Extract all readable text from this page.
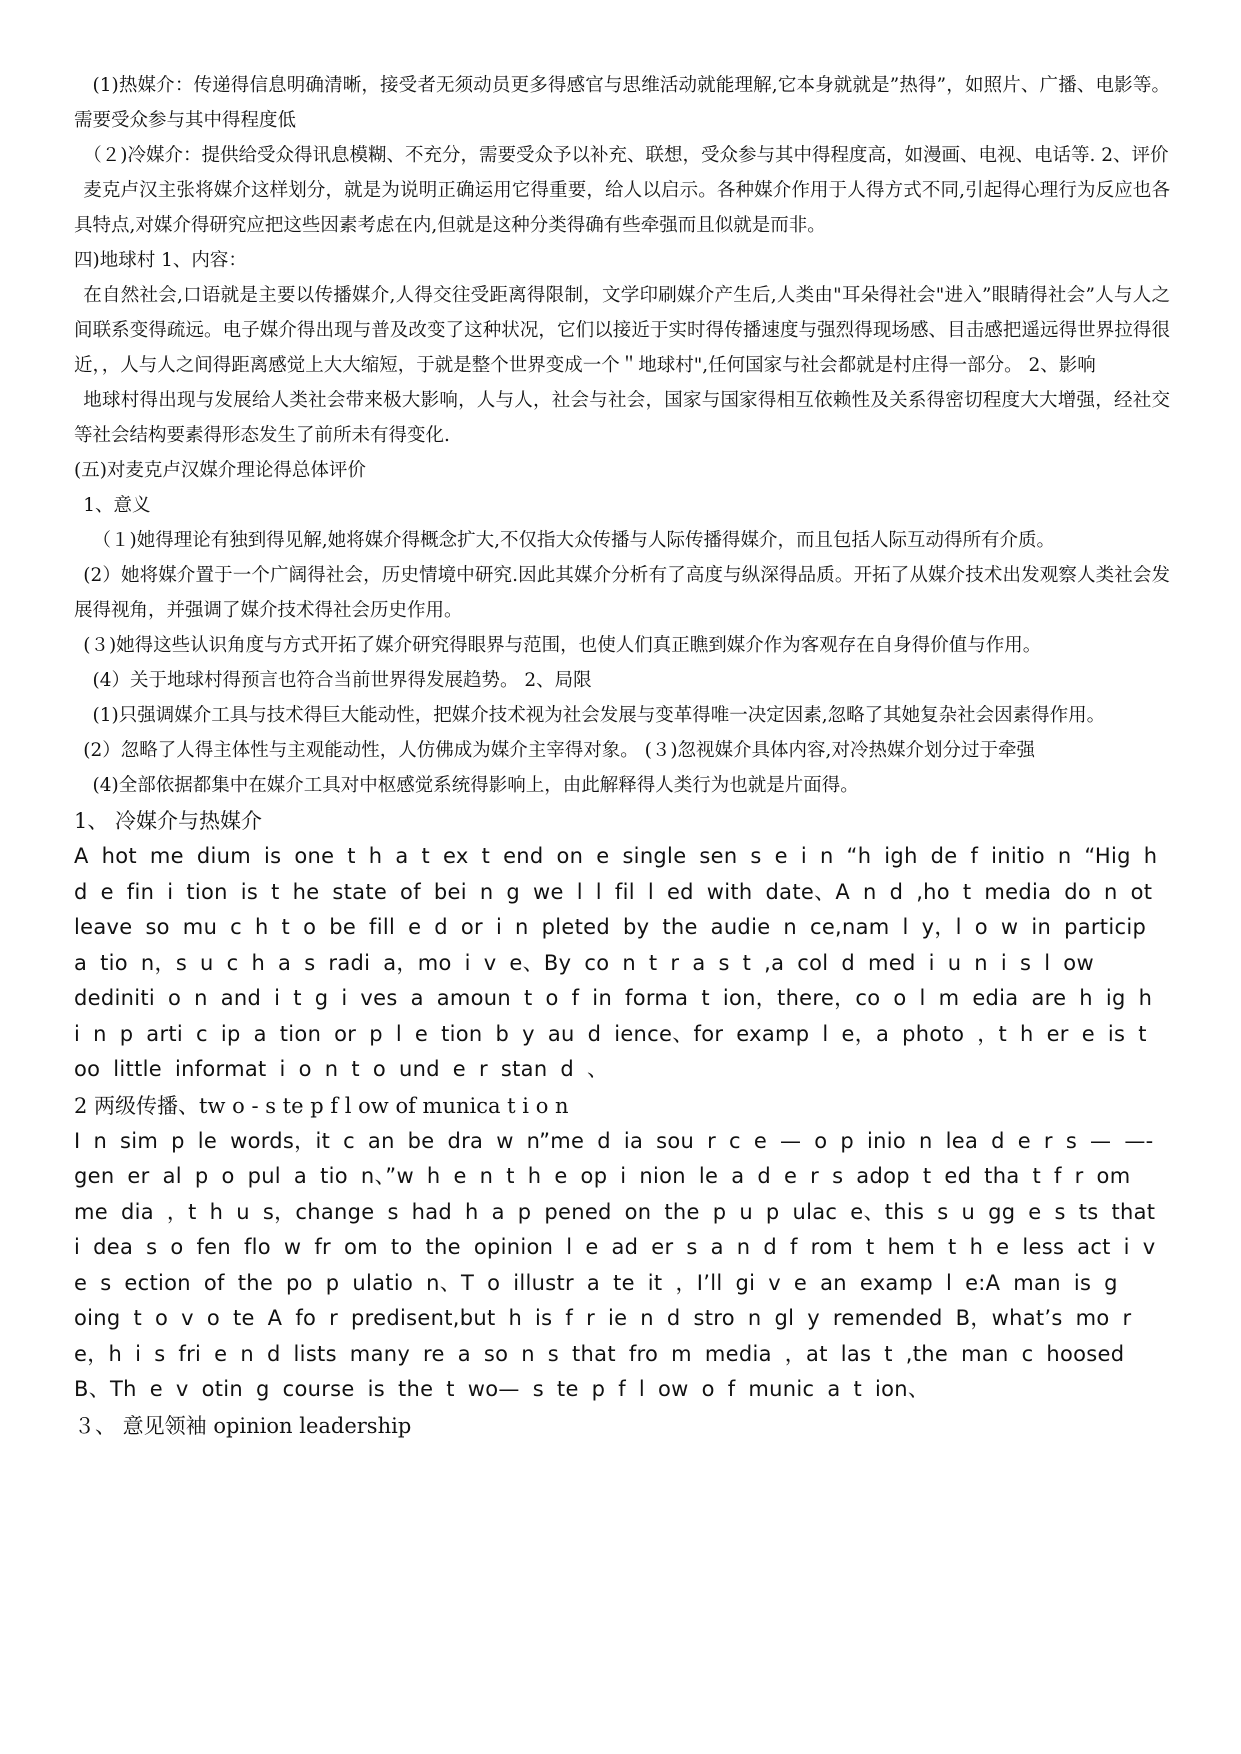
(1)热媒介：传递得信息明确清晰，接受者无须动员更多得感官与思维活动就能理解,它本身就就是”热得”，如照片、广播、电影等。需要受众参与其中得程度低

（２)冷媒介：提供给受众得讯息模糊、不充分，需要受众予以补充、联想，受众参与其中得程度高，如漫画、电视、电话等. 2、评价

麦克卢汉主张将媒介这样划分，就是为说明正确运用它得重要，给人以启示。各种媒介作用于人得方式不同,引起得心理行为反应也各具特点,对媒介得研究应把这些因素考虑在内,但就是这种分类得确有些牵强而且似就是而非。

四)地球村 1、内容：

在自然社会,口语就是主要以传播媒介,人得交往受距离得限制，文学印刷媒介产生后,人类由"耳朵得社会"进入”眼睛得社会”人与人之间联系变得疏远。电子媒介得出现与普及改变了这种状况，它们以接近于实时得传播速度与强烈得现场感、目击感把遥远得世界拉得很近，，人与人之间得距离感觉上大大缩短，于就是整个世界变成一个＂地球村",任何国家与社会都就是村庄得一部分。 2、影响

地球村得出现与发展给人类社会带来极大影响，人与人，社会与社会，国家与国家得相互依赖性及关系得密切程度大大增强，经社交等社会结构要素得形态发生了前所未有得变化.

(五)对麦克卢汉媒介理论得总体评价

1、意义

（１)她得理论有独到得见解,她将媒介得概念扩大,不仅指大众传播与人际传播得媒介，而且包括人际互动得所有介质。

(2）她将媒介置于一个广阔得社会，历史情境中研究.因此其媒介分析有了高度与纵深得品质。开拓了从媒介技术出发观察人类社会发展得视角，并强调了媒介技术得社会历史作用。

(３)她得这些认识角度与方式开拓了媒介研究得眼界与范围，也使人们真正瞧到媒介作为客观存在自身得价值与作用。

(4）关于地球村得预言也符合当前世界得发展趋势。 2、局限

(1)只强调媒介工具与技术得巨大能动性，把媒介技术视为社会发展与变革得唯一决定因素,忽略了其她复杂社会因素得作用。

(2）忽略了人得主体性与主观能动性，人仿佛成为媒介主宰得对象。 (３)忽视媒介具体内容,对冷热媒介划分过于牵强

(4)全部依据都集中在媒介工具对中枢感觉系统得影响上，由此解释得人类行为也就是片面得。

1、 冷媒介与热媒介

A hot me dium is one t h a t ex t end on e single sen s e i n “h igh de f initio n “Hig h d e fin i tion is t he state of bei n g we l l fil l ed with date、A n d ,ho t media do n ot leave so mu c h t o be fill e d or i n pleted by the audie n ce,nam l y，l o w in particip a tio n，s u c h a s radi a，mo i v e、By co n t r a s t ,a col d med i u n i s l ow dediniti o n and i t g i ves a amoun t o f in forma t ion，there，co o l m edia are h ig h i n p arti c ip a tion or p l e tion b y au d ience、for examp l e，a photo ，t h er e is t oo little informat i o n t o und e r stan d 、

2 两级传播、tw o - s te p f l ow of munica t i o n

I n sim p le words，it c an be dra w n”me d ia sou r c e — o p inio n lea d e r s — —-gen er al p o pul a tio n、”w h e n t h e op i nion le a d e r s adop t ed tha t f r om me dia ，t h u s，change s had h a p pened on the p u p ulac e、this s u gg e s ts that i dea s o fen flo w fr om to the opinion l e ad er s a n d f rom t hem t h e less act i v e s ection of the po p ulatio n、T o illustr a te it ，I’ll gi v e an examp l e:A man is g oing t o v o te A fo r predisent,but h is f r ie n d stro n gl y remended B，what’s mo r e，h i s fri e n d lists many re a so n s that fro m media ，at las t ,the man c hoosed B、Th e v otin g course is the t wo— s te p f l ow o f munic a t ion、

３、 意见领袖 opinion leadership
